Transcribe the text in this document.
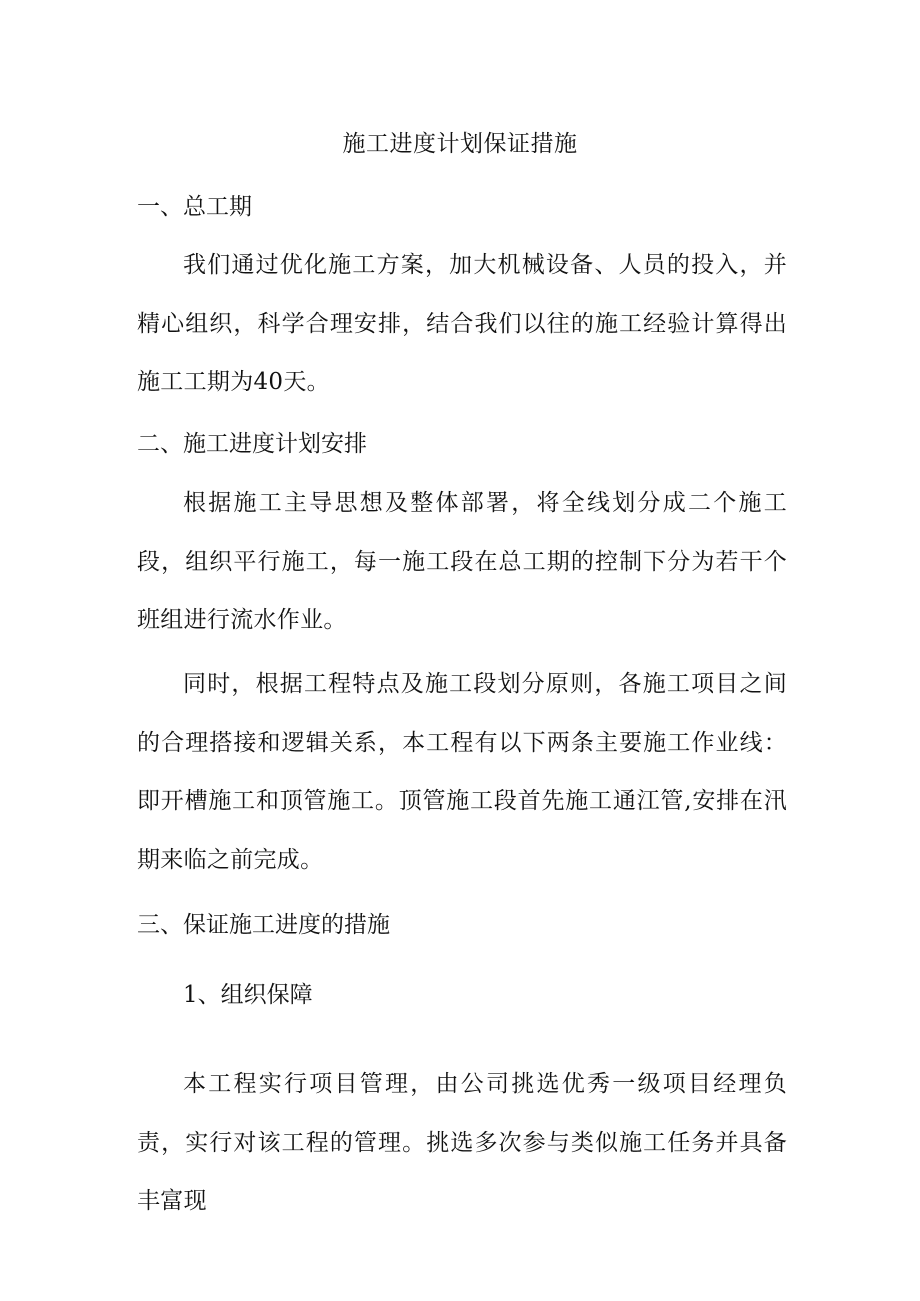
施工进度计划保证措施
一、总工期
我们通过优化施工方案，加大机械设备、人员的投入，并精心组织，科学合理安排，结合我们以往的施工经验计算得出施工工期为40天。
二、施工进度计划安排
根据施工主导思想及整体部署，将全线划分成二个施工段，组织平行施工，每一施工段在总工期的控制下分为若干个班组进行流水作业。
同时，根据工程特点及施工段划分原则，各施工项目之间的合理搭接和逻辑关系，本工程有以下两条主要施工作业线：即开槽施工和顶管施工。顶管施工段首先施工通江管,安排在汛期来临之前完成。
三、保证施工进度的措施
1、组织保障
本工程实行项目管理，由公司挑选优秀一级项目经理负责，实行对该工程的管理。挑选多次参与类似施工任务并具备丰富现
